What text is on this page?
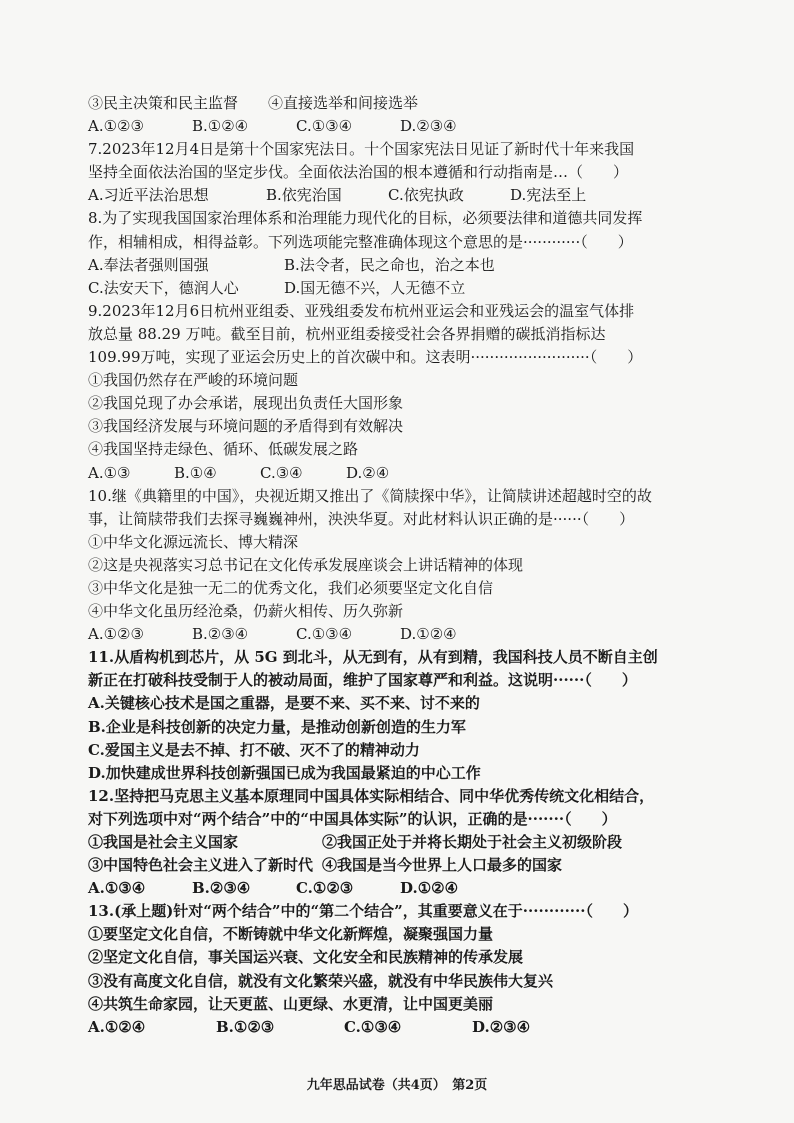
③民主决策和民主监督　　④直接选举和间接选举
A.①②③	B.①②④	C.①③④	D.②③④
7.2023年12月4日是第十个国家宪法日。十个国家宪法日见证了新时代十年来我国
坚持全面依法治国的坚定步伐。全面依法治国的根本遵循和行动指南是…（　　）
A.习近平法治思想	B.依宪治国	C.依宪执政	D.宪法至上
8.为了实现我国国家治理体系和治理能力现代化的目标，必须要法律和道德共同发挥
作，相辅相成，相得益彰。下列选项能完整准确体现这个意思的是············（　　）
A.奉法者强则国强	B.法令者，民之命也，治之本也
C.法安天下，德润人心	D.国无德不兴，人无德不立
9.2023年12月6日杭州亚组委、亚残组委发布杭州亚运会和亚残运会的温室气体排
放总量 88.29 万吨。截至目前，杭州亚组委接受社会各界捐赠的碳抵消指标达
109.99万吨，实现了亚运会历史上的首次碳中和。这表明·························（　　）
①我国仍然存在严峻的环境问题
②我国兑现了办会承诺，展现出负责任大国形象
③我国经济发展与环境问题的矛盾得到有效解决
④我国坚持走绿色、循环、低碳发展之路
A.①③	B.①④	C.③④	D.②④
10.继《典籍里的中国》，央视近期又推出了《简牍探中华》，让简牍讲述超越时空的故
事，让简牍带我们去探寻巍巍神州，泱泱华夏。对此材料认识正确的是······（　　）
①中华文化源远流长、博大精深
②这是央视落实习总书记在文化传承发展座谈会上讲话精神的体现
③中华文化是独一无二的优秀文化，我们必须要坚定文化自信
④中华文化虽历经沧桑，仍薪火相传、历久弥新
A.①②③	B.②③④	C.①③④	D.①②④
11.从盾构机到芯片，从 5G 到北斗，从无到有，从有到精，我国科技人员不断自主创
新正在打破科技受制于人的被动局面，维护了国家尊严和利益。这说明······（　　）
A.关键核心技术是国之重器，是要不来、买不来、讨不来的
B.企业是科技创新的决定力量，是推动创新创造的生力军
C.爱国主义是去不掉、打不破、灭不了的精神动力
D.加快建成世界科技创新强国已成为我国最紧迫的中心工作
12.坚持把马克思主义基本原理同中国具体实际相结合、同中华优秀传统文化相结合，
对下列选项中对“两个结合”中的“中国具体实际”的认识，正确的是·······（　　）
①我国是社会主义国家	②我国正处于并将长期处于社会主义初级阶段
③中国特色社会主义进入了新时代 ④我国是当今世界上人口最多的国家
A.①③④	B.②③④	C.①②③	D.①②④
13.(承上题)针对“两个结合”中的“第二个结合”，其重要意义在于············（　　）
①要坚定文化自信，不断铸就中华文化新辉煌，凝聚强国力量
②坚定文化自信，事关国运兴衰、文化安全和民族精神的传承发展
③没有高度文化自信，就没有文化繁荣兴盛，就没有中华民族伟大复兴
④共筑生命家园，让天更蓝、山更绿、水更清，让中国更美丽
A.①②④	B.①②③	C.①③④	D.②③④
九年思品试卷（共4页）　第2页
